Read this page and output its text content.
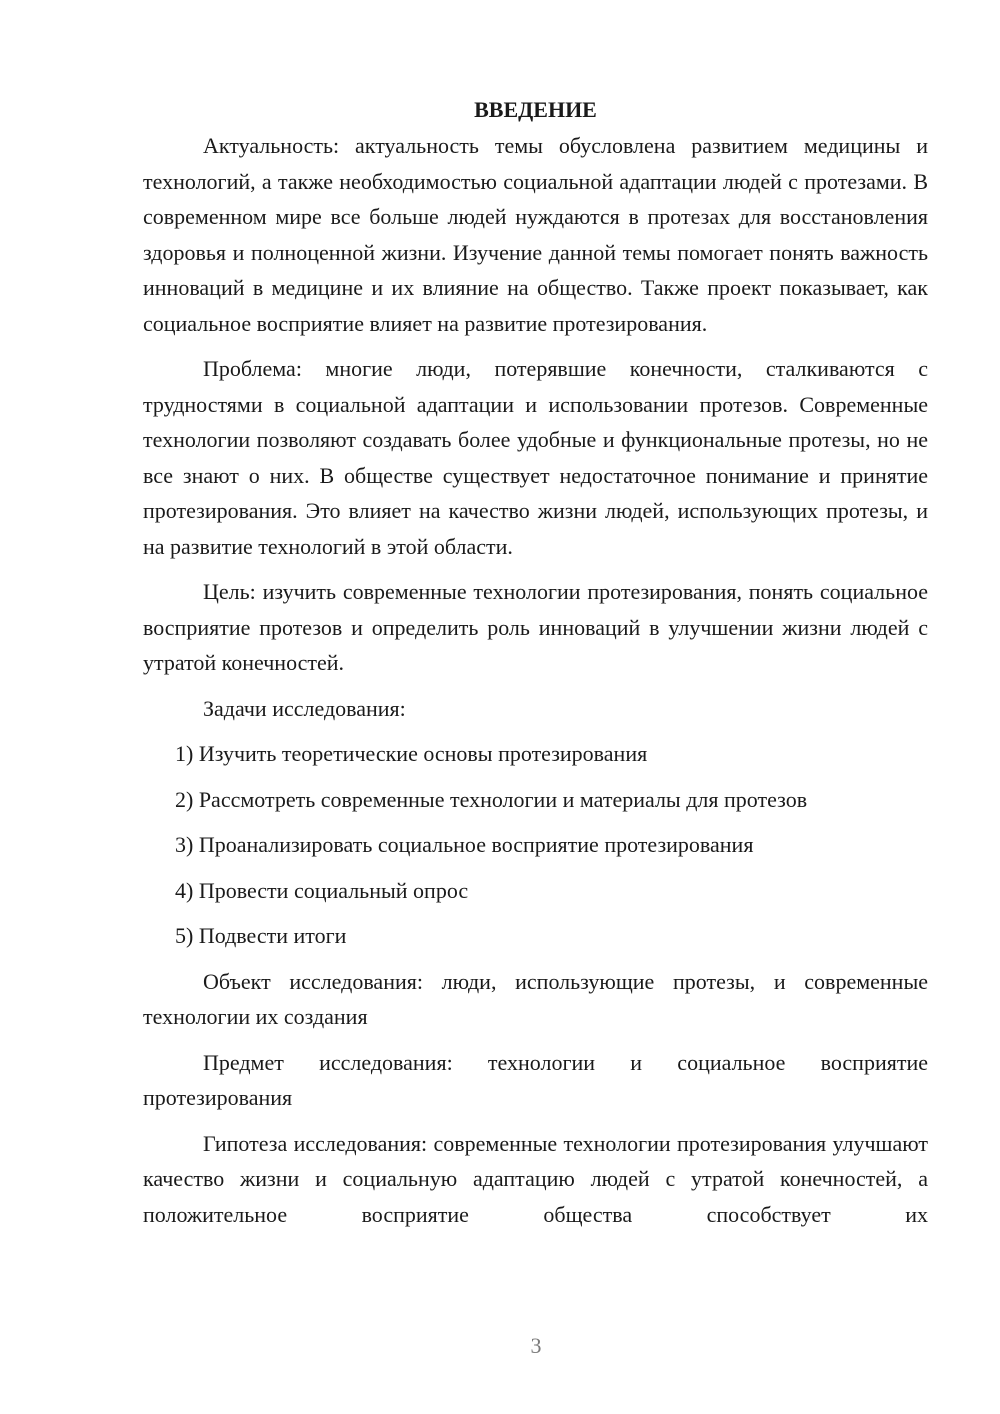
ВВЕДЕНИЕ

Актуальность: актуальность темы обусловлена развитием медицины и технологий, а также необходимостью социальной адаптации людей с протезами. В современном мире все больше людей нуждаются в протезах для восстановления здоровья и полноценной жизни. Изучение данной темы помогает понять важность инноваций в медицине и их влияние на общество. Также проект показывает, как социальное восприятие влияет на развитие протезирования.

Проблема: многие люди, потерявшие конечности, сталкиваются с трудностями в социальной адаптации и использовании протезов. Современные технологии позволяют создавать более удобные и функциональные протезы, но не все знают о них. В обществе существует недостаточное понимание и принятие протезирования. Это влияет на качество жизни людей, использующих протезы, и на развитие технологий в этой области.

Цель: изучить современные технологии протезирования, понять социальное восприятие протезов и определить роль инноваций в улучшении жизни людей с утратой конечностей.

Задачи исследования:
1) Изучить теоретические основы протезирования
2) Рассмотреть современные технологии и материалы для протезов
3) Проанализировать социальное восприятие протезирования
4) Провести социальный опрос
5) Подвести итоги

Объект исследования: люди, использующие протезы, и современные технологии их создания

Предмет исследования: технологии и социальное восприятие протезирования

Гипотеза исследования: современные технологии протезирования улучшают качество жизни и социальную адаптацию людей с утратой конечностей, а положительное восприятие общества способствует их

3
